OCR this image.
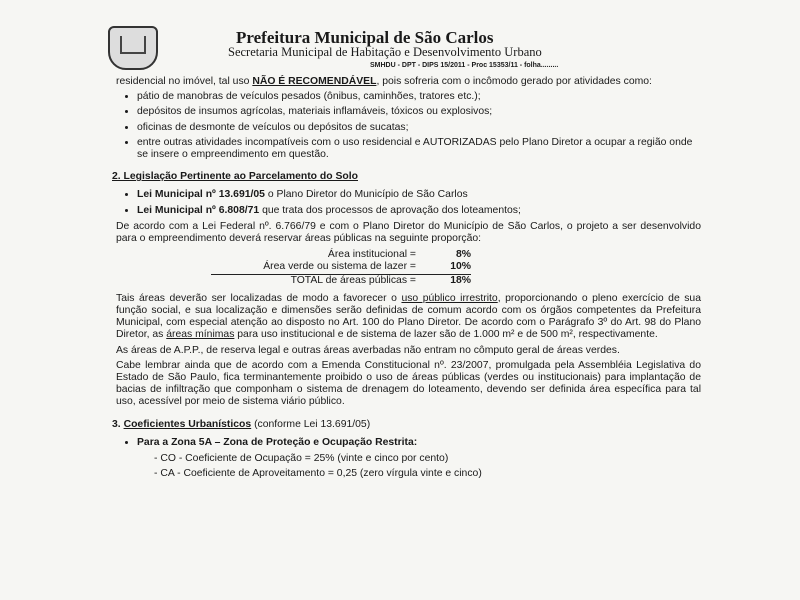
Prefeitura Municipal de São Carlos
Secretaria Municipal de Habitação e Desenvolvimento Urbano
SMHDU - DPT - DIPS 15/2011 - Proc 15353/11 - folha.........

residencial no imóvel, tal uso NÃO É RECOMENDÁVEL, pois sofreria com o incômodo gerado por atividades como:

• pátio de manobras de veículos pesados (ônibus, caminhões, tratores etc.);
• depósitos de insumos agrícolas, materiais inflamáveis, tóxicos ou explosivos;
• oficinas de desmonte de veículos ou depósitos de sucatas;
• entre outras atividades incompatíveis com o uso residencial e AUTORIZADAS pelo Plano Diretor a ocupar a região onde se insere o empreendimento em questão.
2. Legislação Pertinente ao Parcelamento do Solo
• Lei Municipal nº 13.691/05 o Plano Diretor do Município de São Carlos
• Lei Municipal nº 6.808/71 que trata dos processos de aprovação dos loteamentos;

De acordo com a Lei Federal nº. 6.766/79 e com o Plano Diretor do Município de São Carlos, o projeto a ser desenvolvido para o empreendimento deverá reservar áreas públicas na seguinte proporção:

Área institucional =	8%
Área verde ou sistema de lazer =	10%
TOTAL de áreas públicas =	18%

Tais áreas deverão ser localizadas de modo a favorecer o uso público irrestrito, proporcionando o pleno exercício de sua função social, e sua localização e dimensões serão definidas de comum acordo com os órgãos competentes da Prefeitura Municipal, com especial atenção ao disposto no Art. 100 do Plano Diretor. De acordo com o Parágrafo 3º do Art. 98 do Plano Diretor, as áreas mínimas para uso institucional e de sistema de lazer são de 1.000 m² e de 500 m², respectivamente.

As áreas de A.P.P., de reserva legal e outras áreas averbadas não entram no cômputo geral de áreas verdes.

Cabe lembrar ainda que de acordo com a Emenda Constitucional nº. 23/2007, promulgada pela Assembléia Legislativa do Estado de São Paulo, fica terminantemente proibido o uso de áreas públicas (verdes ou institucionais) para implantação de bacias de infiltração que componham o sistema de drenagem do loteamento, devendo ser definida área específica para tal uso, acessível por meio de sistema viário público.

3. Coeficientes Urbanísticos (conforme Lei 13.691/05)
• Para a Zona 5A – Zona de Proteção e Ocupação Restrita:
- CO - Coeficiente de Ocupação = 25% (vinte e cinco por cento)
- CA - Coeficiente de Aproveitamento = 0,25 (zero vírgula vinte e cinco)
